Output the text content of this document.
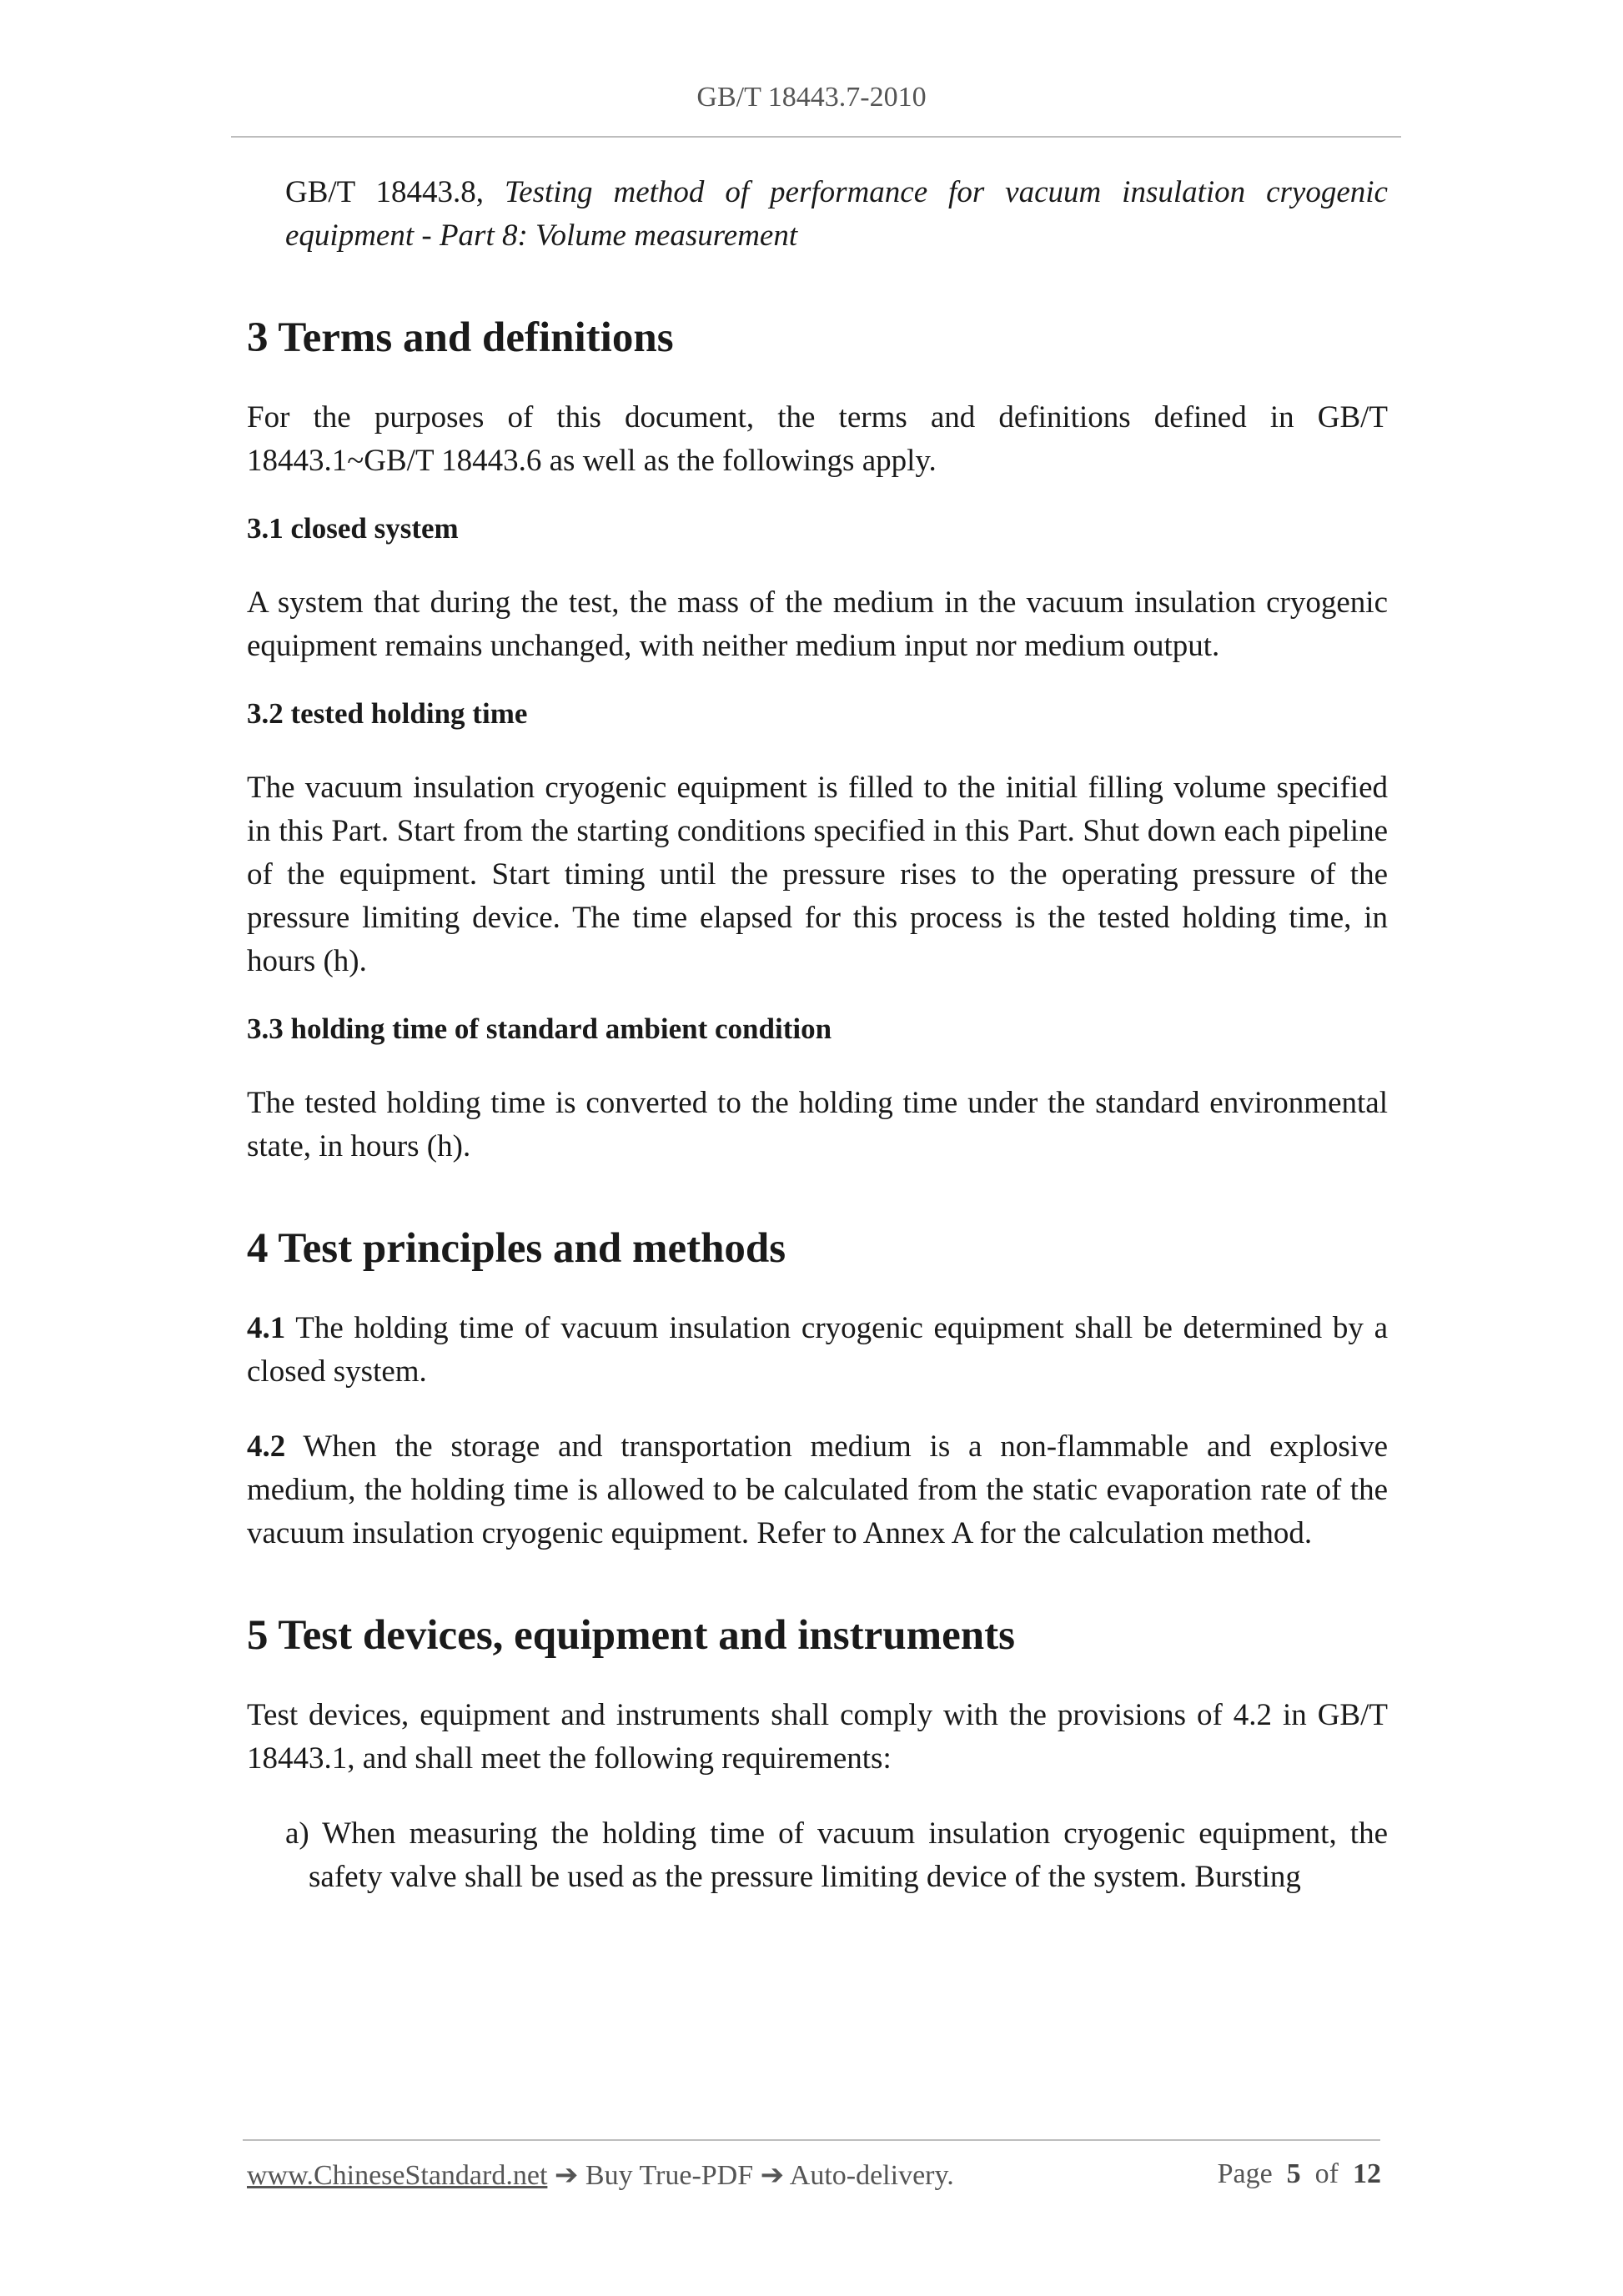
GB/T 18443.7-2010
GB/T 18443.8, Testing method of performance for vacuum insulation cryogenic equipment - Part 8: Volume measurement
3 Terms and definitions

For the purposes of this document, the terms and definitions defined in GB/T 18443.1~GB/T 18443.6 as well as the followings apply.

3.1 closed system

A system that during the test, the mass of the medium in the vacuum insulation cryogenic equipment remains unchanged, with neither medium input nor medium output.

3.2 tested holding time

The vacuum insulation cryogenic equipment is filled to the initial filling volume specified in this Part. Start from the starting conditions specified in this Part. Shut down each pipeline of the equipment. Start timing until the pressure rises to the operating pressure of the pressure limiting device. The time elapsed for this process is the tested holding time, in hours (h).

3.3 holding time of standard ambient condition

The tested holding time is converted to the holding time under the standard environmental state, in hours (h).

4 Test principles and methods

4.1 The holding time of vacuum insulation cryogenic equipment shall be determined by a closed system.

4.2 When the storage and transportation medium is a non-flammable and explosive medium, the holding time is allowed to be calculated from the static evaporation rate of the vacuum insulation cryogenic equipment. Refer to Annex A for the calculation method.

5 Test devices, equipment and instruments

Test devices, equipment and instruments shall comply with the provisions of 4.2 in GB/T 18443.1, and shall meet the following requirements:

a) When measuring the holding time of vacuum insulation cryogenic equipment, the safety valve shall be used as the pressure limiting device of the system. Bursting
www.ChineseStandard.net ➔ Buy True-PDF ➔ Auto-delivery.	Page 5 of 12
